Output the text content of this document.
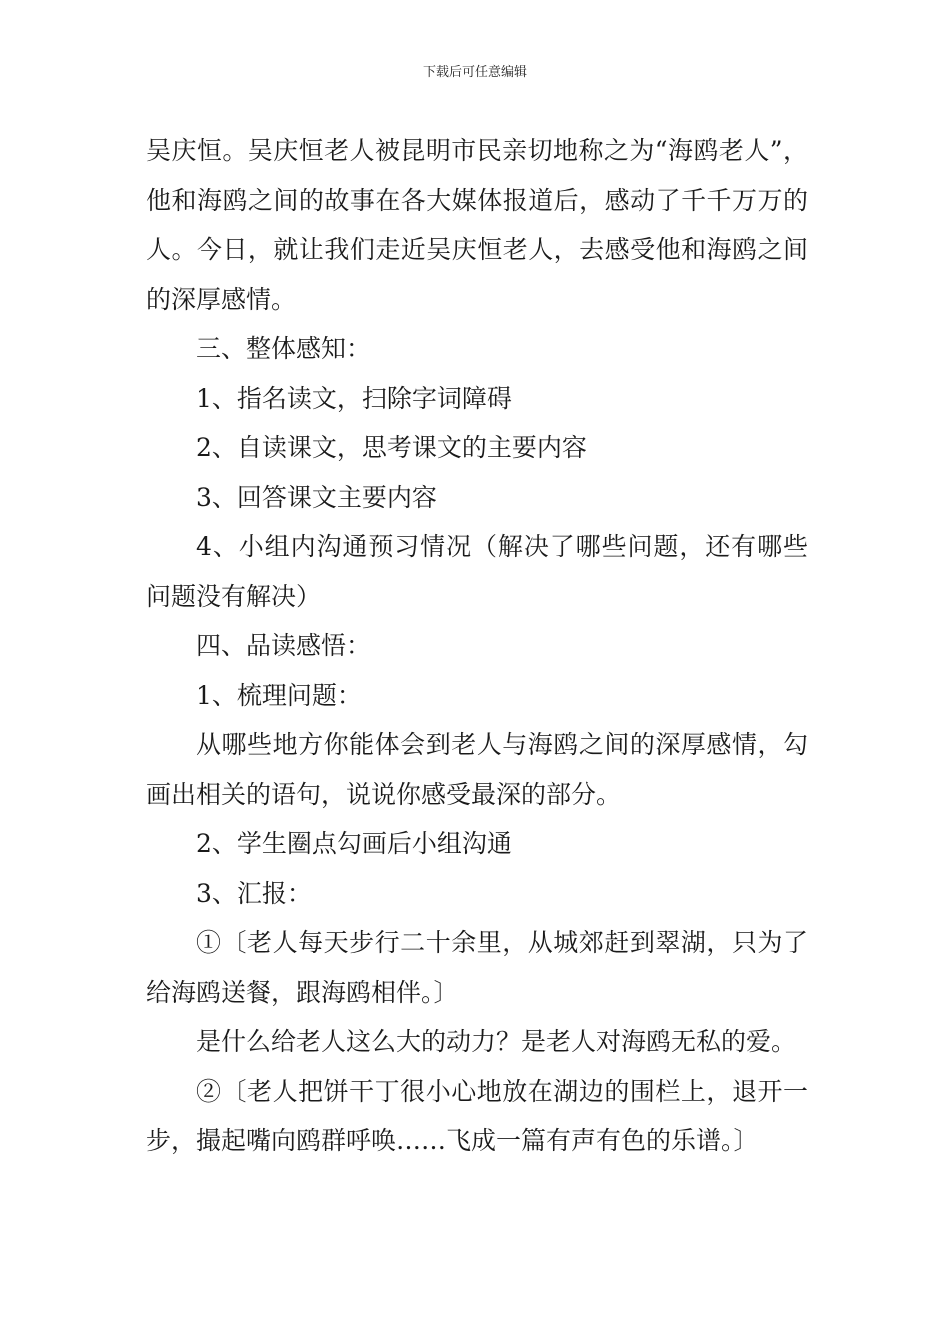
下载后可任意编辑

吴庆恒。吴庆恒老人被昆明市民亲切地称之为“海鸥老人”，他和海鸥之间的故事在各大媒体报道后，感动了千千万万的人。今日，就让我们走近吴庆恒老人，去感受他和海鸥之间的深厚感情。

三、整体感知：

1、指名读文，扫除字词障碍

2、自读课文，思考课文的主要内容

3、回答课文主要内容

4、小组内沟通预习情况（解决了哪些问题，还有哪些问题没有解决）

四、品读感悟：

1、梳理问题：

从哪些地方你能体会到老人与海鸥之间的深厚感情，勾画出相关的语句，说说你感受最深的部分。

2、学生圈点勾画后小组沟通

3、汇报：

①〔老人每天步行二十余里，从城郊赶到翠湖，只为了给海鸥送餐，跟海鸥相伴。〕

是什么给老人这么大的动力？是老人对海鸥无私的爱。

②〔老人把饼干丁很小心地放在湖边的围栏上，退开一步，撮起嘴向鸥群呼唤……飞成一篇有声有色的乐谱。〕
